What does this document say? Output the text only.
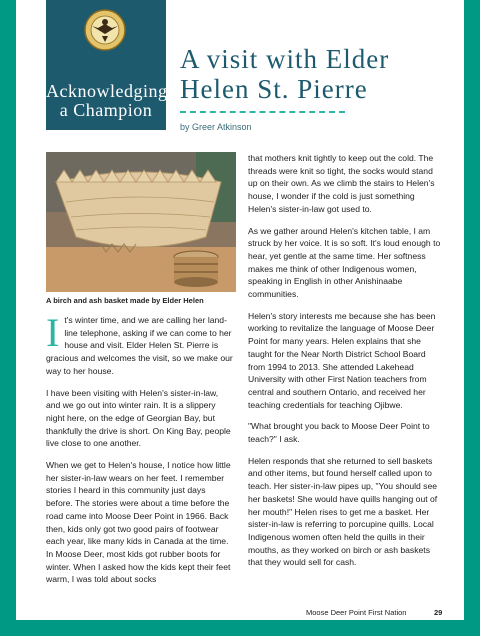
Acknowledging
a Champion
A visit with Elder
Helen St. Pierre
by Greer Atkinson
A birch and ash basket made by Elder Helen

It's winter time, and we are calling her land-line telephone, asking if we can come to her house and visit. Elder Helen St. Pierre is gracious and welcomes the visit, so we make our way to her house.

I have been visiting with Helen's sister-in-law, and we go out into winter rain. It is a slippery night here, on the edge of Georgian Bay, but thankfully the drive is short. On King Bay, people live close to one another.

When we get to Helen's house, I notice how little her sister-in-law wears on her feet. I remember stories I heard in this community just days before. The stories were about a time before the road came into Moose Deer Point in 1966. Back then, kids only got two good pairs of footwear each year, like many kids in Canada at the time. In Moose Deer, most kids got rubber boots for winter. When I asked how the kids kept their feet warm, I was told about socks

that mothers knit tightly to keep out the cold. The threads were knit so tight, the socks would stand up on their own. As we climb the stairs to Helen's house, I wonder if the cold is just something Helen's sister-in-law got used to.

As we gather around Helen's kitchen table, I am struck by her voice. It is so soft. It's loud enough to hear, yet gentle at the same time. Her softness makes me think of other Indigenous women, speaking in English in other Anishinaabe communities.

Helen's story interests me because she has been working to revitalize the language of Moose Deer Point for many years. Helen explains that she taught for the Near North District School Board from 1994 to 2013. She attended Lakehead University with other First Nation teachers from central and southern Ontario, and received her teaching credentials for teaching Ojibwe.

"What brought you back to Moose Deer Point to teach?" I ask.

Helen responds that she returned to sell baskets and other items, but found herself called upon to teach. Her sister-in-law pipes up, "You should see her baskets! She would have quills hanging out of her mouth!" Helen rises to get me a basket. Her sister-in-law is referring to porcupine quills. Local Indigenous women often held the quills in their mouths, as they worked on birch or ash baskets that they would sell for cash.

Moose Deer Point First Nation	29
